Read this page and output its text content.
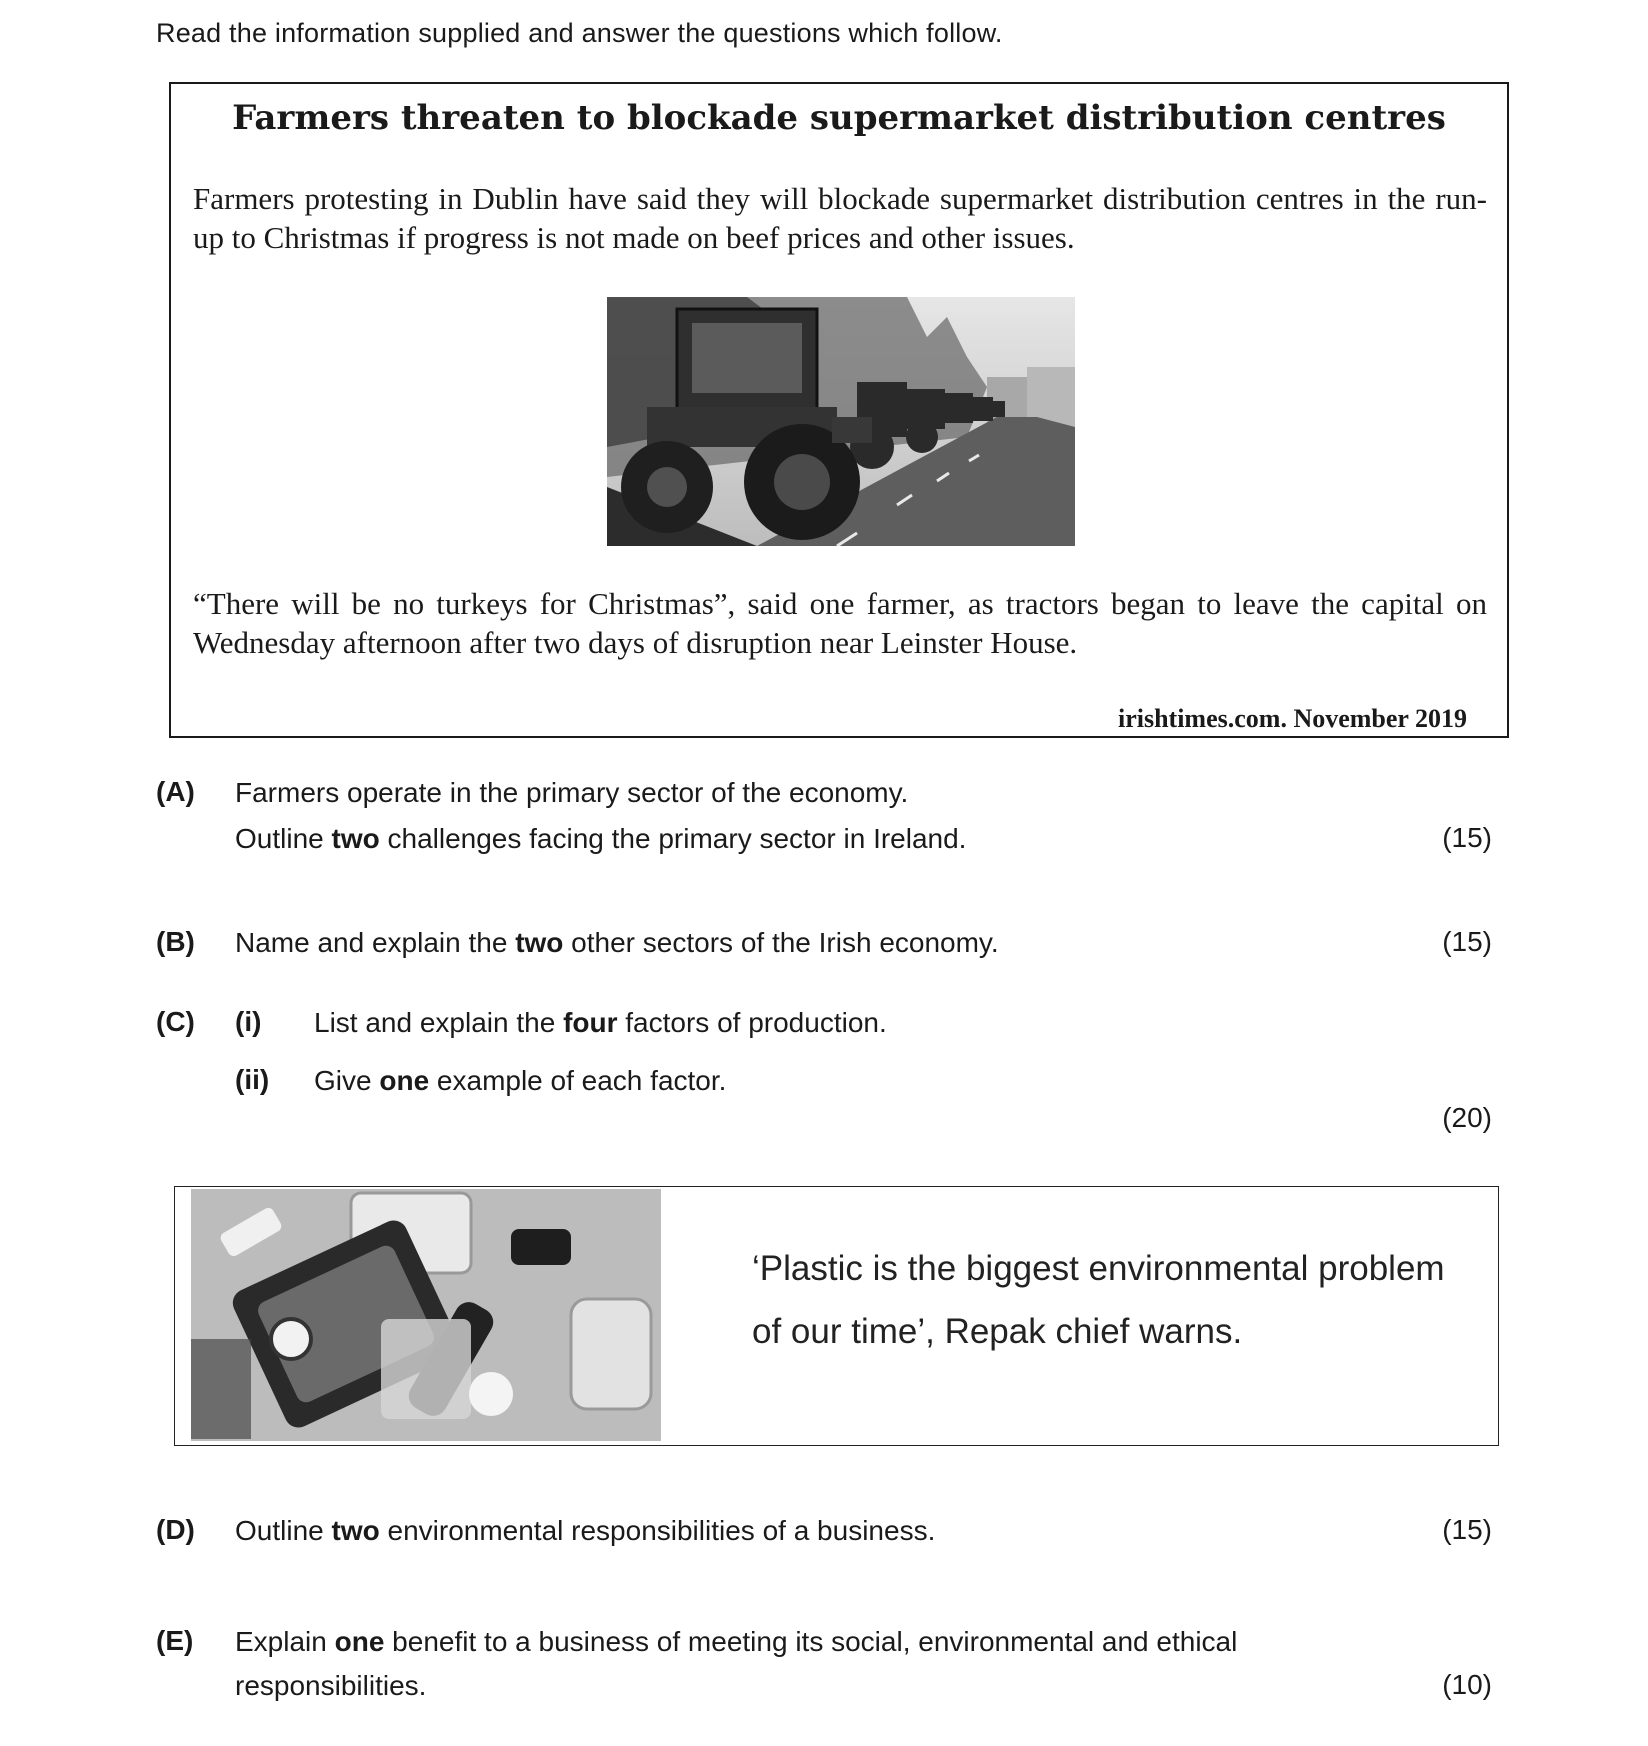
Read the information supplied and answer the questions which follow.
Farmers threaten to blockade supermarket distribution centres
Farmers protesting in Dublin have said they will blockade supermarket distribution centres in the run-up to Christmas if progress is not made on beef prices and other issues.
“There will be no turkeys for Christmas”, said one farmer, as tractors began to leave the capital on Wednesday afternoon after two days of disruption near Leinster House.
irishtimes.com. November 2019
(A) Farmers operate in the primary sector of the economy.
Outline two challenges facing the primary sector in Ireland.	(15)
(B) Name and explain the two other sectors of the Irish economy.	(15)
(C) (i) List and explain the four factors of production.
(ii) Give one example of each factor.
(20)
‘Plastic is the biggest environmental problem
of our time’, Repak chief warns.
(D) Outline two environmental responsibilities of a business.	(15)
(E) Explain one benefit to a business of meeting its social, environmental and ethical
responsibilities.	(10)
